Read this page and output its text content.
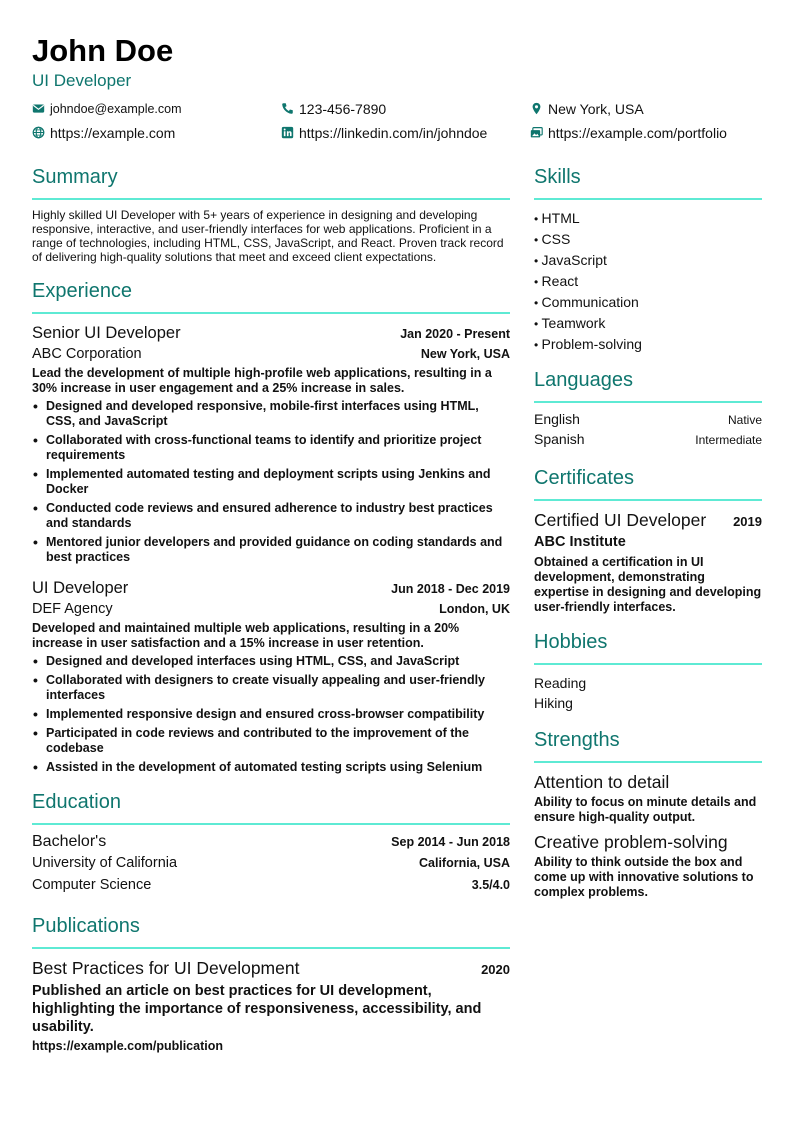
John Doe
UI Developer
johndoe@example.com	123-456-7890	New York, USA
https://example.com	https://linkedin.com/in/johndoe	https://example.com/portfolio
Summary

Highly skilled UI Developer with 5+ years of experience in designing and developing responsive, interactive, and user-friendly interfaces for web applications. Proficient in a range of technologies, including HTML, CSS, JavaScript, and React. Proven track record of delivering high-quality solutions that meet and exceed client expectations.

Experience
Senior UI Developer	Jan 2020 - Present
ABC Corporation	New York, USA
Lead the development of multiple high-profile web applications, resulting in a 30% increase in user engagement and a 25% increase in sales.
• Designed and developed responsive, mobile-first interfaces using HTML, CSS, and JavaScript
• Collaborated with cross-functional teams to identify and prioritize project requirements
• Implemented automated testing and deployment scripts using Jenkins and Docker
• Conducted code reviews and ensured adherence to industry best practices and standards
• Mentored junior developers and provided guidance on coding standards and best practices
UI Developer	Jun 2018 - Dec 2019
DEF Agency	London, UK
Developed and maintained multiple web applications, resulting in a 20% increase in user satisfaction and a 15% increase in user retention.
• Designed and developed interfaces using HTML, CSS, and JavaScript
• Collaborated with designers to create visually appealing and user-friendly interfaces
• Implemented responsive design and ensured cross-browser compatibility
• Participated in code reviews and contributed to the improvement of the codebase
• Assisted in the development of automated testing scripts using Selenium
Education
Bachelor's	Sep 2014 - Jun 2018
University of California	California, USA
Computer Science	3.5/4.0
Publications
Best Practices for UI Development	2020
Published an article on best practices for UI development, highlighting the importance of responsiveness, accessibility, and usability.
https://example.com/publication
Skills
• HTML
• CSS
• JavaScript
• React
• Communication
• Teamwork
• Problem-solving
Languages
English	Native
Spanish	Intermediate
Certificates
Certified UI Developer 2019
ABC Institute
Obtained a certification in UI development, demonstrating expertise in designing and developing user-friendly interfaces.
Hobbies
Reading
Hiking
Strengths
Attention to detail
Ability to focus on minute details and ensure high-quality output.
Creative problem-solving
Ability to think outside the box and come up with innovative solutions to complex problems.
